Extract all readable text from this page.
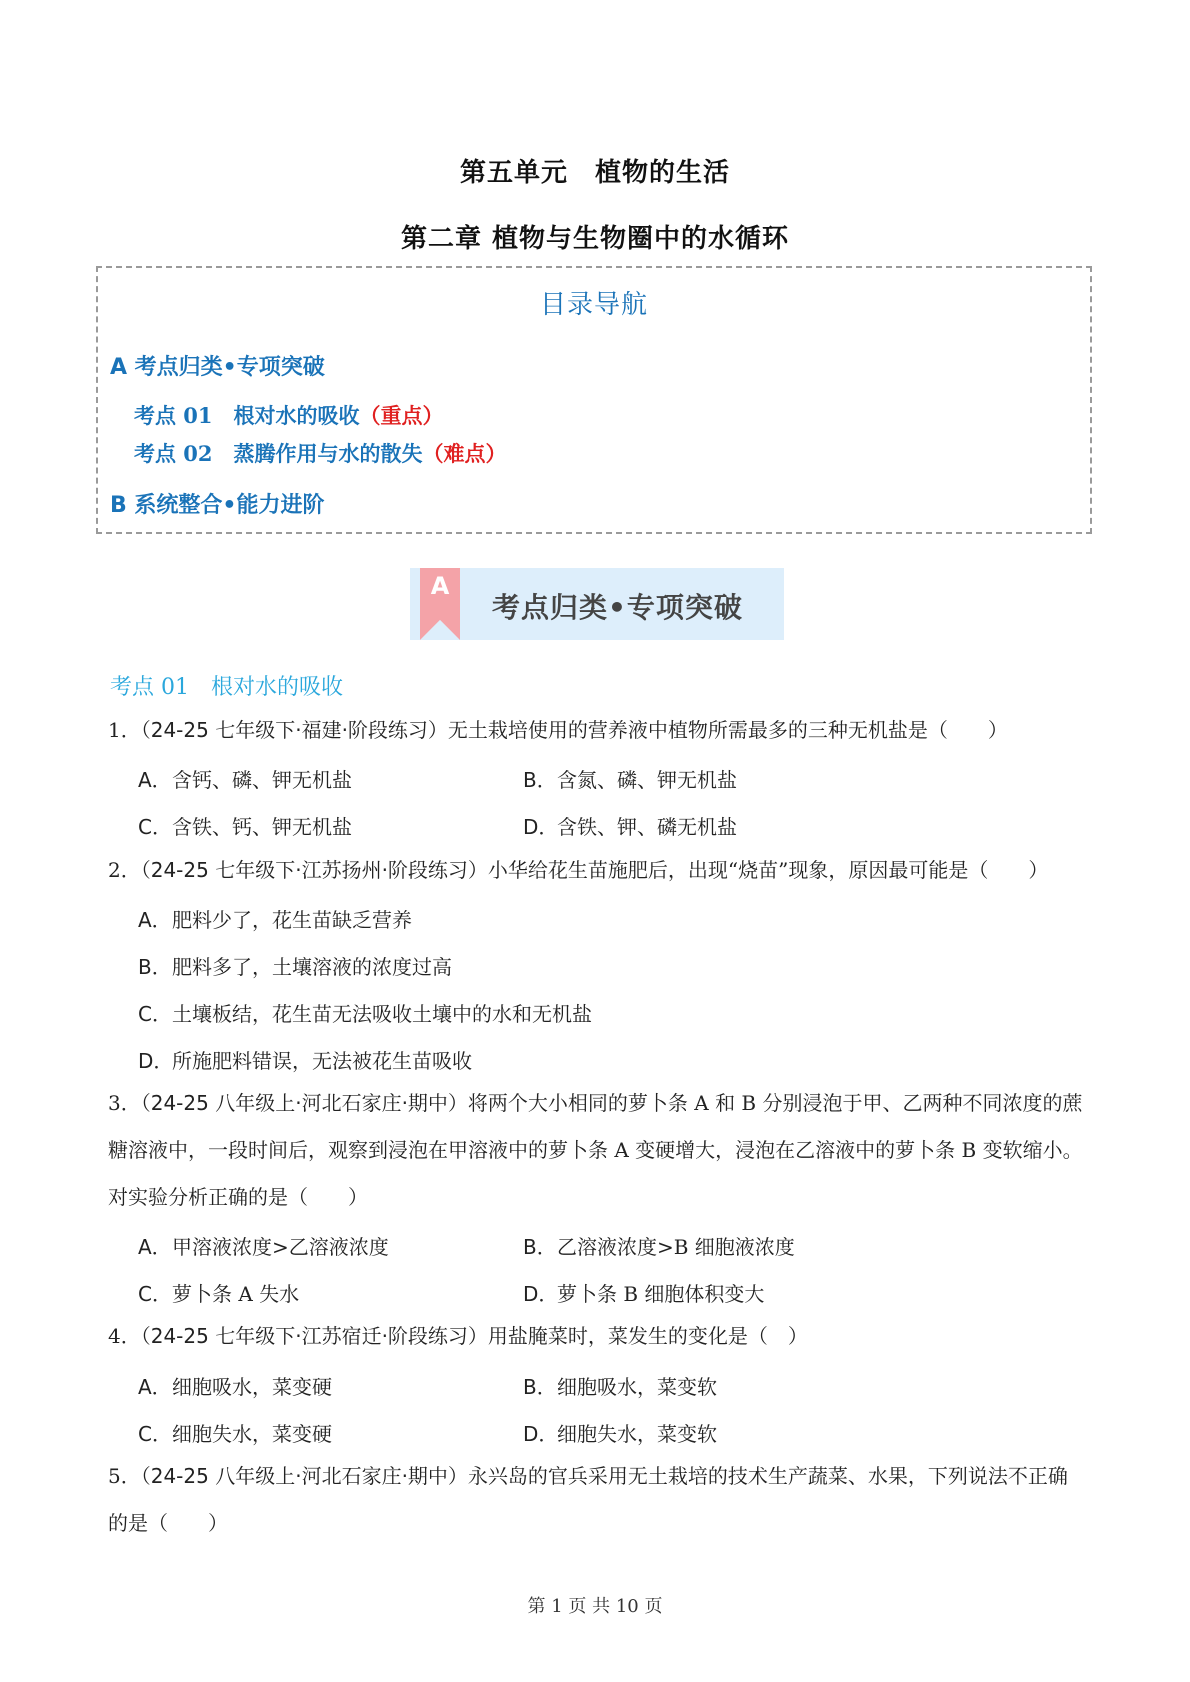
第五单元　植物的生活
第二章 植物与生物圈中的水循环
目录导航
A 考点归类•专项突破
考点 01　根对水的吸收（重点）
考点 02　蒸腾作用与水的散失（难点）
B 系统整合•能力进阶
A
考点归类•专项突破
考点 01　根对水的吸收
1．（24-25 七年级下·福建·阶段练习）无土栽培使用的营养液中植物所需最多的三种无机盐是（　　）
A．含钙、磷、钾无机盐	B．含氮、磷、钾无机盐
C．含铁、钙、钾无机盐	D．含铁、钾、磷无机盐
2．（24-25 七年级下·江苏扬州·阶段练习）小华给花生苗施肥后，出现“烧苗”现象，原因最可能是（　　）
A．肥料少了，花生苗缺乏营养
B．肥料多了，土壤溶液的浓度过高
C．土壤板结，花生苗无法吸收土壤中的水和无机盐
D．所施肥料错误，无法被花生苗吸收
3．（24-25 八年级上·河北石家庄·期中）将两个大小相同的萝卜条 A 和 B 分别浸泡于甲、乙两种不同浓度的蔗糖溶液中，一段时间后，观察到浸泡在甲溶液中的萝卜条 A 变硬增大，浸泡在乙溶液中的萝卜条 B 变软缩小。对实验分析正确的是（　　）
A．甲溶液浓度>乙溶液浓度	B．乙溶液浓度>B 细胞液浓度
C．萝卜条 A 失水	D．萝卜条 B 细胞体积变大
4．（24-25 七年级下·江苏宿迁·阶段练习）用盐腌菜时，菜发生的变化是（　）
A．细胞吸水，菜变硬	B．细胞吸水，菜变软
C．细胞失水，菜变硬	D．细胞失水，菜变软
5．（24-25 八年级上·河北石家庄·期中）永兴岛的官兵采用无土栽培的技术生产蔬菜、水果，下列说法不正确的是（　　）
第 1 页 共 10 页
